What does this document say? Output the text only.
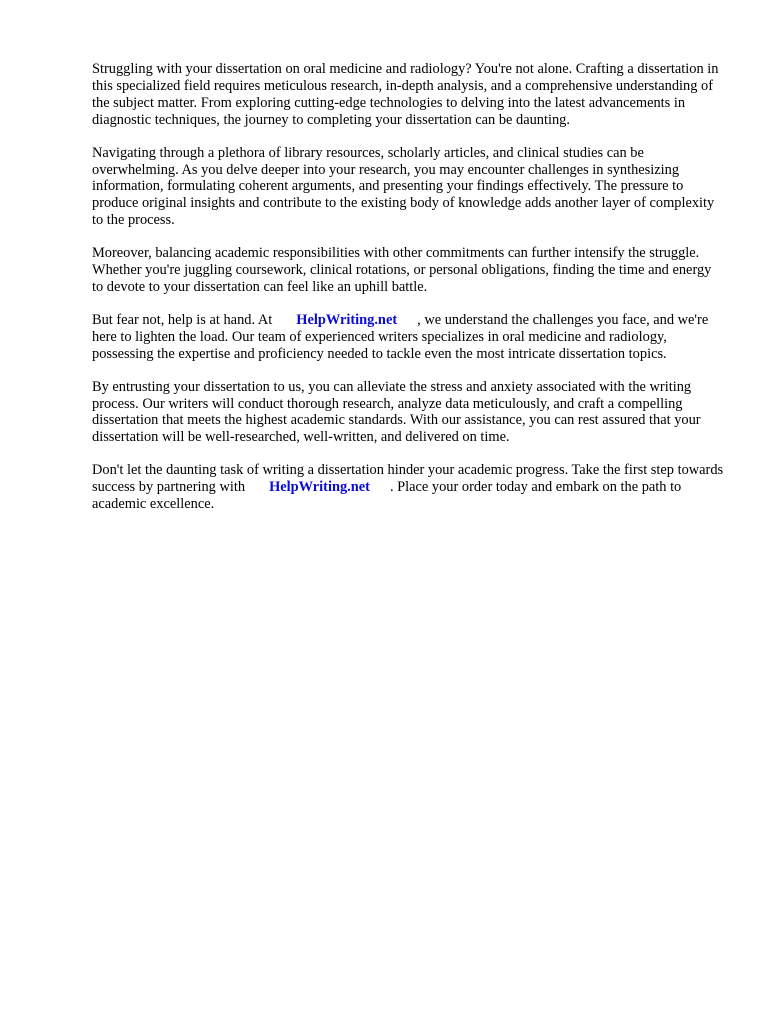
Struggling with your dissertation on oral medicine and radiology? You're not alone. Crafting a dissertation in this specialized field requires meticulous research, in-depth analysis, and a comprehensive understanding of the subject matter. From exploring cutting-edge technologies to delving into the latest advancements in diagnostic techniques, the journey to completing your dissertation can be daunting.

Navigating through a plethora of library resources, scholarly articles, and clinical studies can be overwhelming. As you delve deeper into your research, you may encounter challenges in synthesizing information, formulating coherent arguments, and presenting your findings effectively. The pressure to produce original insights and contribute to the existing body of knowledge adds another layer of complexity to the process.

Moreover, balancing academic responsibilities with other commitments can further intensify the struggle. Whether you're juggling coursework, clinical rotations, or personal obligations, finding the time and energy to devote to your dissertation can feel like an uphill battle.

But fear not, help is at hand. At HelpWriting.net , we understand the challenges you face, and we're here to lighten the load. Our team of experienced writers specializes in oral medicine and radiology, possessing the expertise and proficiency needed to tackle even the most intricate dissertation topics.

By entrusting your dissertation to us, you can alleviate the stress and anxiety associated with the writing process. Our writers will conduct thorough research, analyze data meticulously, and craft a compelling dissertation that meets the highest academic standards. With our assistance, you can rest assured that your dissertation will be well-researched, well-written, and delivered on time.

Don't let the daunting task of writing a dissertation hinder your academic progress. Take the first step towards success by partnering with HelpWriting.net . Place your order today and embark on the path to academic excellence.
